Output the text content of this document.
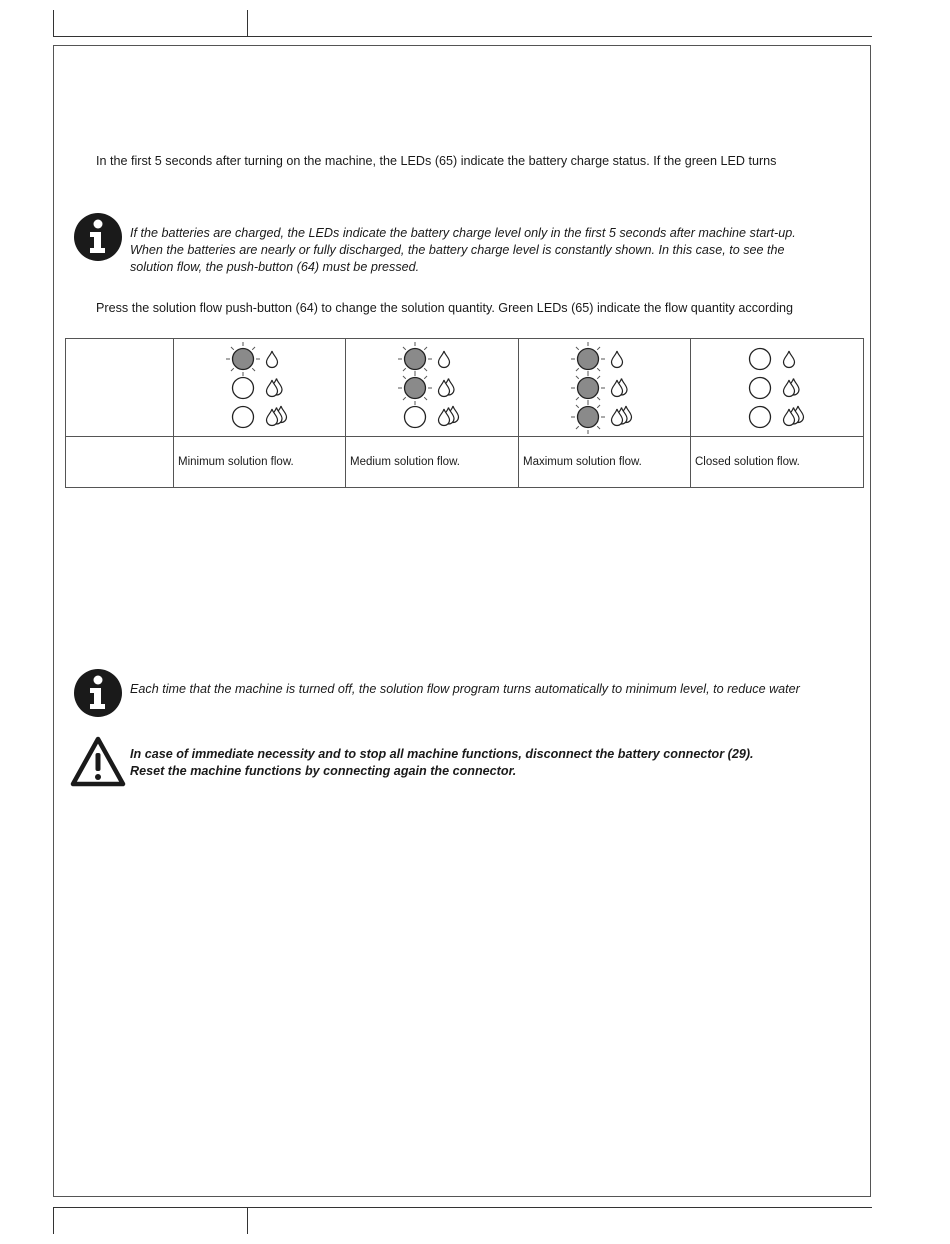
In the first 5 seconds after turning on the machine, the LEDs (65) indicate the battery charge status. If the green LED turns
If the batteries are charged, the LEDs indicate the battery charge level only in the first 5 seconds after machine start-up.
When the batteries are nearly or fully discharged, the battery charge level is constantly shown. In this case, to see the
solution flow, the push-button (64) must be pressed.
Press the solution flow push-button (64) to change the solution quantity. Green LEDs (65) indicate the flow quantity according

	Minimum solution flow.	Medium solution flow.	Maximum solution flow.	Closed solution flow.
Each time that the machine is turned off, the solution flow program turns automatically to minimum level, to reduce water
In case of immediate necessity and to stop all machine functions, disconnect the battery connector (29).
Reset the machine functions by connecting again the connector.
